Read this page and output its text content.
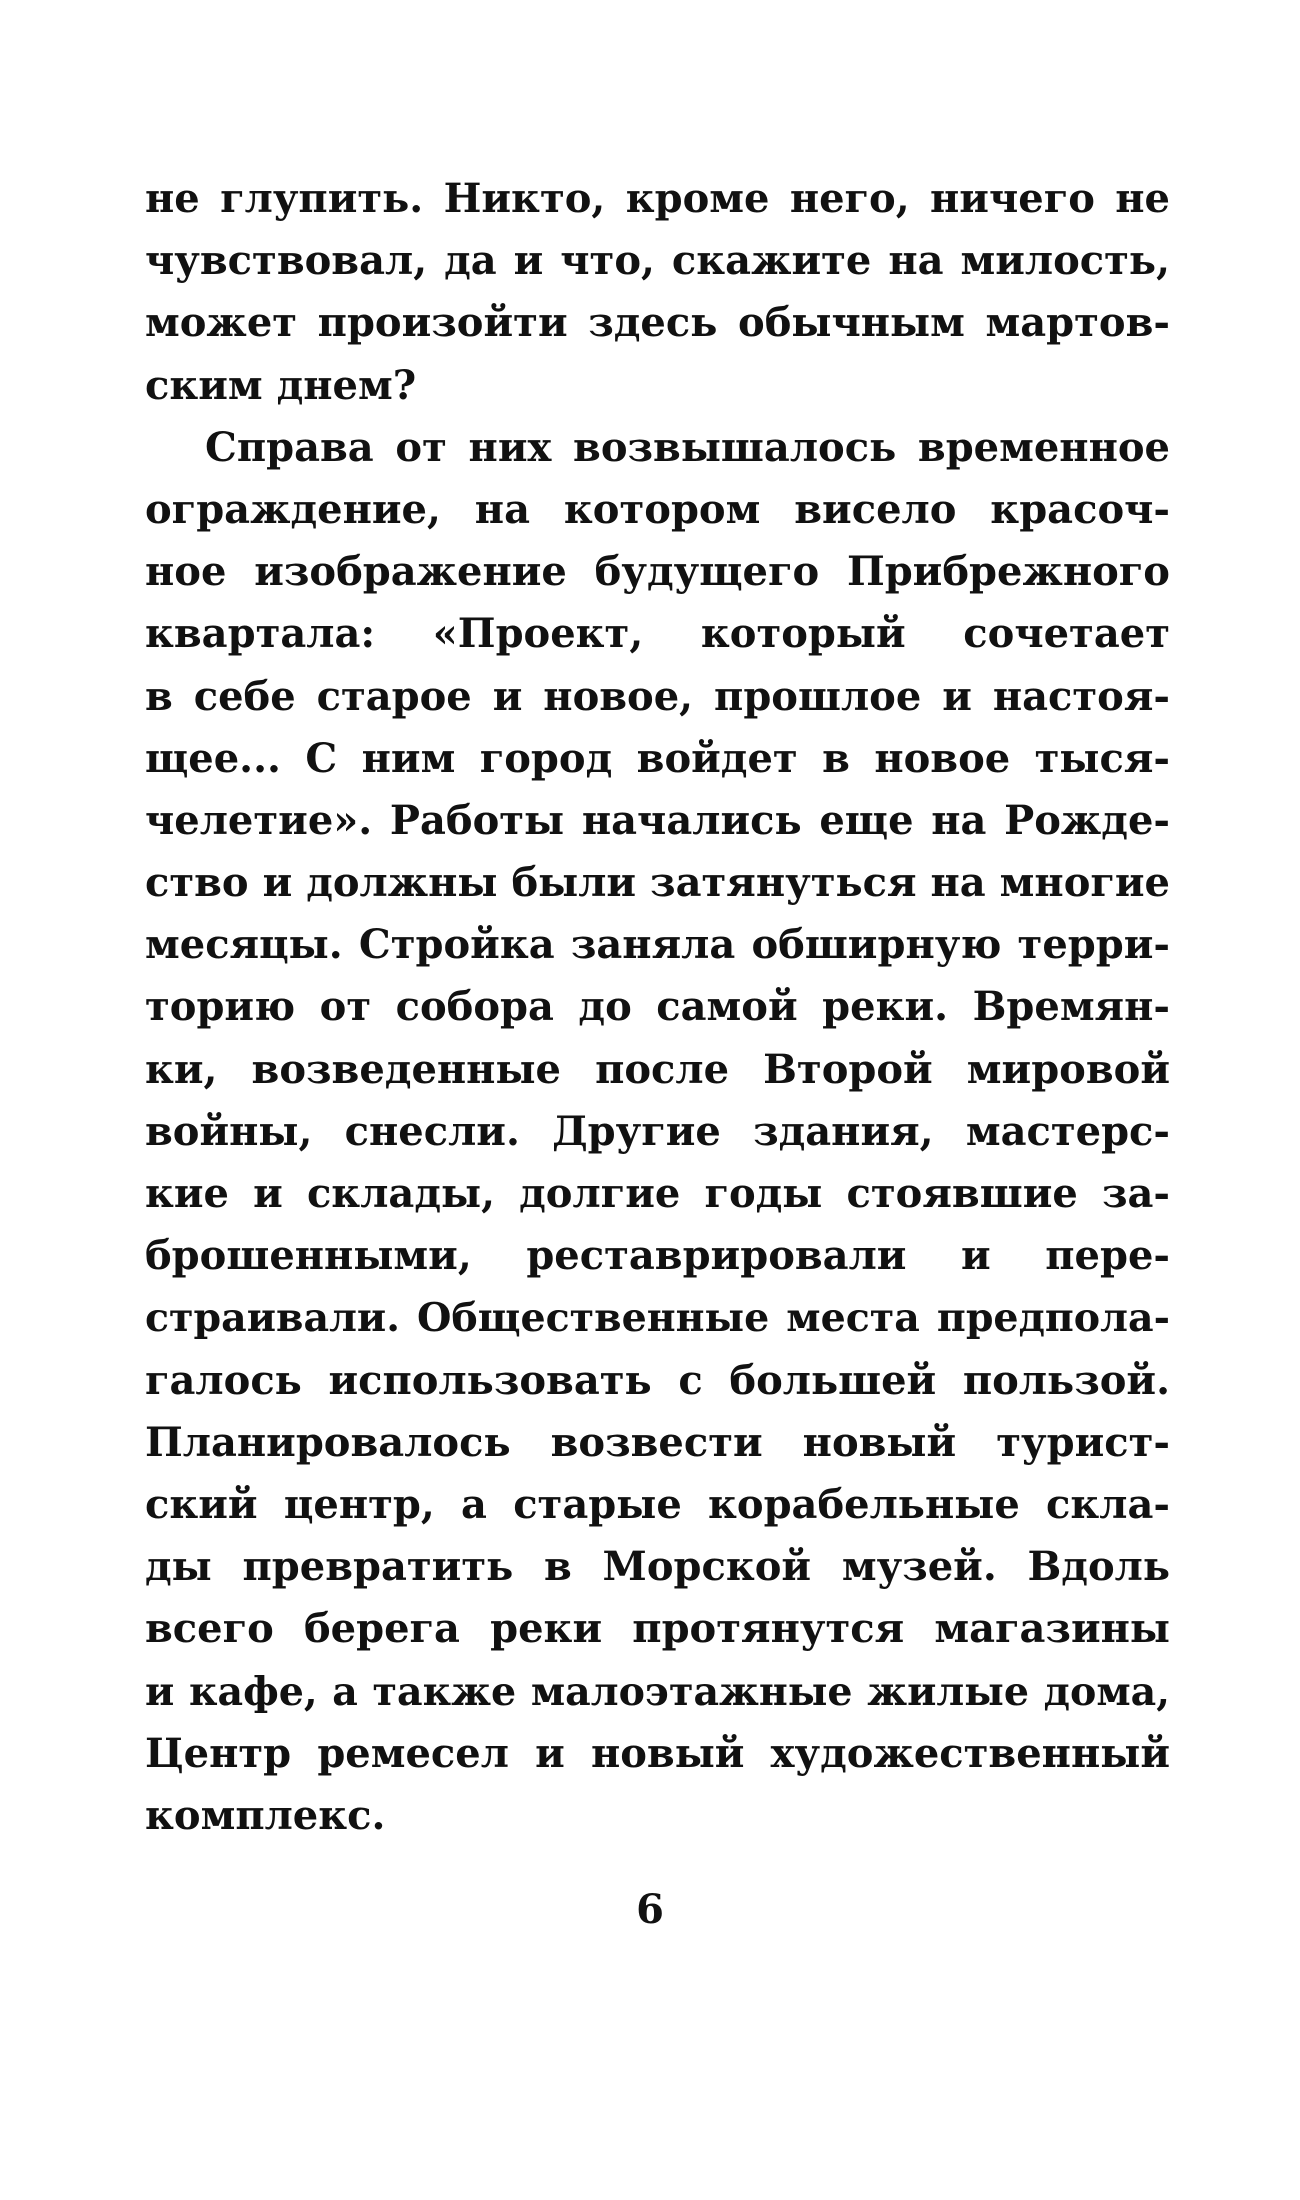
не глупить. Никто, кроме него, ничего не
чувствовал, да и что, скажите на милость,
может произойти здесь обычным мартов-
ским днем?
Справа от них возвышалось временное
ограждение, на котором висело красоч-
ное изображение будущего Прибрежного
квартала: «Проект, который сочетает
в себе старое и новое, прошлое и настоя-
щее... С ним город войдет в новое тыся-
челетие». Работы начались еще на Рожде-
ство и должны были затянуться на многие
месяцы. Стройка заняла обширную терри-
торию от собора до самой реки. Времян-
ки, возведенные после Второй мировой
войны, снесли. Другие здания, мастерс-
кие и склады, долгие годы стоявшие за-
брошенными, реставрировали и пере-
страивали. Общественные места предпола-
галось использовать с большей пользой.
Планировалось возвести новый турист-
ский центр, а старые корабельные скла-
ды превратить в Морской музей. Вдоль
всего берега реки протянутся магазины
и кафе, а также малоэтажные жилые дома,
Центр ремесел и новый художественный
комплекс.
6
